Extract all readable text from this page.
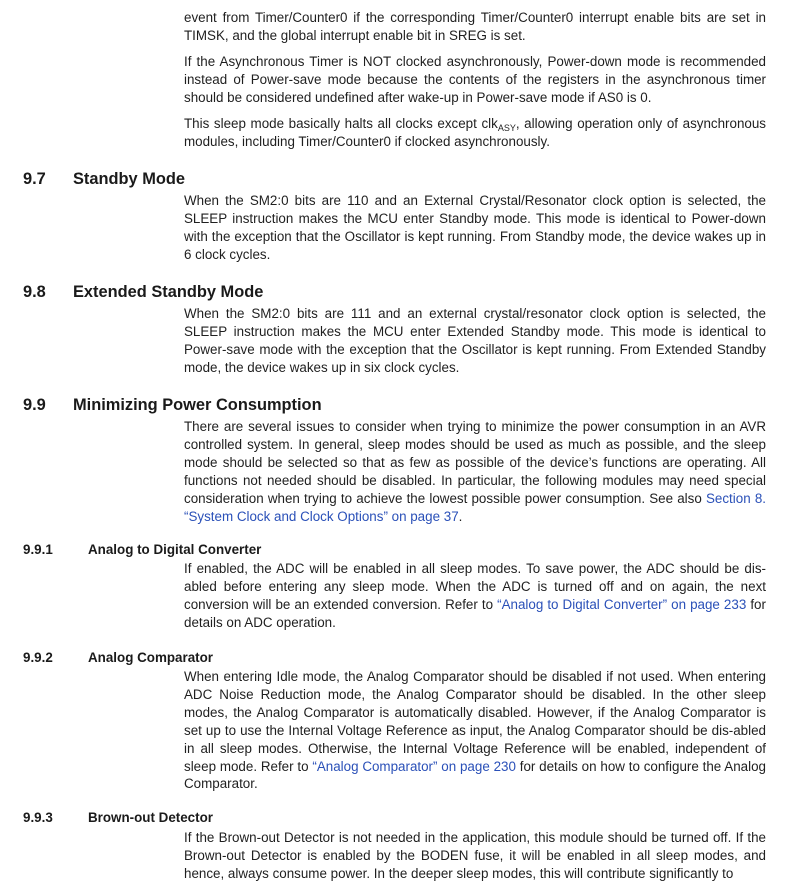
event from Timer/Counter0 if the corresponding Timer/Counter0 interrupt enable bits are set in TIMSK, and the global interrupt enable bit in SREG is set.

If the Asynchronous Timer is NOT clocked asynchronously, Power-down mode is recommended instead of Power-save mode because the contents of the registers in the asynchronous timer should be considered undefined after wake-up in Power-save mode if AS0 is 0.

This sleep mode basically halts all clocks except clk$_{ASY}$, allowing operation only of asynchronous modules, including Timer/Counter0 if clocked asynchronously.

9.7 Standby Mode

When the SM2:0 bits are 110 and an External Crystal/Resonator clock option is selected, the SLEEP instruction makes the MCU enter Standby mode. This mode is identical to Power-down with the exception that the Oscillator is kept running. From Standby mode, the device wakes up in 6 clock cycles.

9.8 Extended Standby Mode

When the SM2:0 bits are 111 and an external crystal/resonator clock option is selected, the SLEEP instruction makes the MCU enter Extended Standby mode. This mode is identical to Power-save mode with the exception that the Oscillator is kept running. From Extended Standby mode, the device wakes up in six clock cycles.

9.9 Minimizing Power Consumption

There are several issues to consider when trying to minimize the power consumption in an AVR controlled system. In general, sleep modes should be used as much as possible, and the sleep mode should be selected so that as few as possible of the device’s functions are operating. All functions not needed should be disabled. In particular, the following modules may need special consideration when trying to achieve the lowest possible power consumption. See also Section 8. “System Clock and Clock Options” on page 37.

9.9.1	Analog to Digital Converter

If enabled, the ADC will be enabled in all sleep modes. To save power, the ADC should be dis-abled before entering any sleep mode. When the ADC is turned off and on again, the next conversion will be an extended conversion. Refer to “Analog to Digital Converter” on page 233 for details on ADC operation.

9.9.2	Analog Comparator

When entering Idle mode, the Analog Comparator should be disabled if not used. When entering ADC Noise Reduction mode, the Analog Comparator should be disabled. In the other sleep modes, the Analog Comparator is automatically disabled. However, if the Analog Comparator is set up to use the Internal Voltage Reference as input, the Analog Comparator should be dis-abled in all sleep modes. Otherwise, the Internal Voltage Reference will be enabled, independent of sleep mode. Refer to “Analog Comparator” on page 230 for details on how to configure the Analog Comparator.

9.9.3	Brown-out Detector

If the Brown-out Detector is not needed in the application, this module should be turned off. If the Brown-out Detector is enabled by the BODEN fuse, it will be enabled in all sleep modes, and hence, always consume power. In the deeper sleep modes, this will contribute significantly to
